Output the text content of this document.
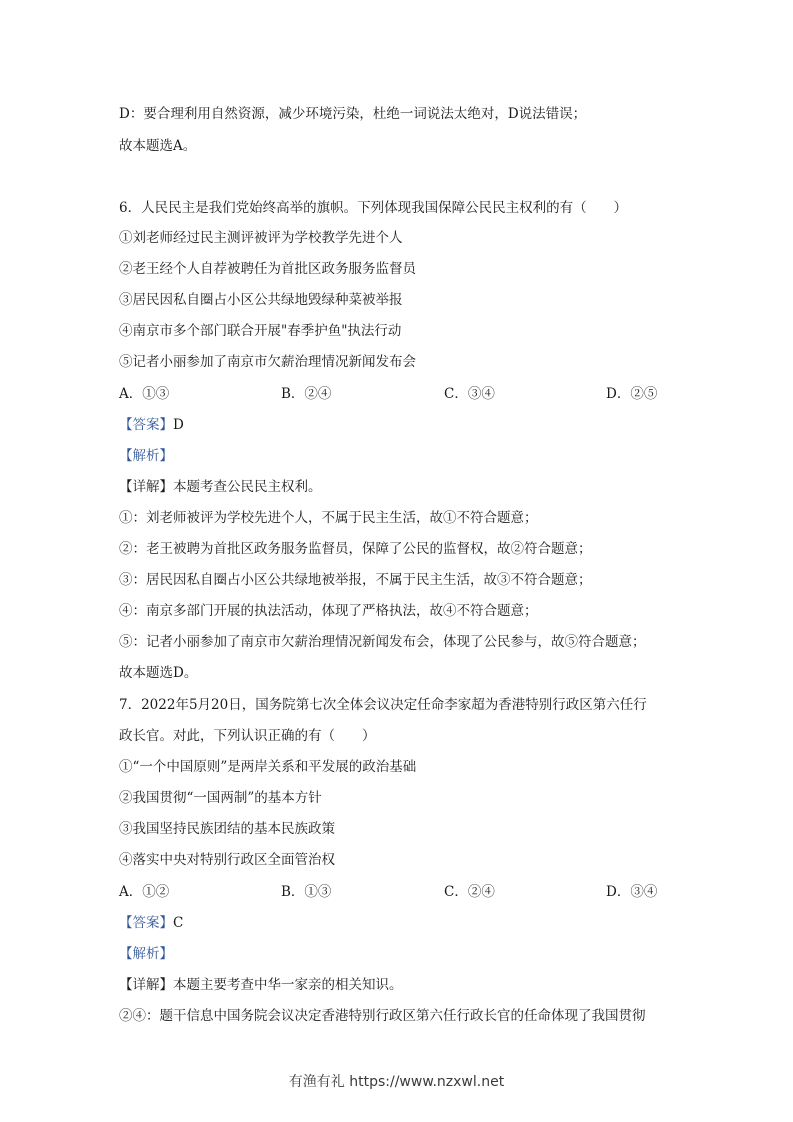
D：要合理利用自然资源，减少环境污染，杜绝一词说法太绝对，D说法错误；
故本题选A。
6．人民民主是我们党始终高举的旗帜。下列体现我国保障公民民主权利的有（　　）
①刘老师经过民主测评被评为学校教学先进个人
②老王经个人自荐被聘任为首批区政务服务监督员
③居民因私自圈占小区公共绿地毁绿种菜被举报
④南京市多个部门联合开展"春季护鱼"执法行动
⑤记者小丽参加了南京市欠薪治理情况新闻发布会
A．①③	B．②④	C．③④	D．②⑤
【答案】D
【解析】
【详解】本题考查公民民主权利。
①：刘老师被评为学校先进个人，不属于民主生活，故①不符合题意；
②：老王被聘为首批区政务服务监督员，保障了公民的监督权，故②符合题意；
③：居民因私自圈占小区公共绿地被举报，不属于民主生活，故③不符合题意；
④：南京多部门开展的执法活动，体现了严格执法，故④不符合题意；
⑤：记者小丽参加了南京市欠薪治理情况新闻发布会，体现了公民参与，故⑤符合题意；
故本题选D。
7．2022年5月20日，国务院第七次全体会议决定任命李家超为香港特别行政区第六任行
政长官。对此，下列认识正确的有（　　）
①“一个中国原则”是两岸关系和平发展的政治基础
②我国贯彻“一国两制”的基本方针
③我国坚持民族团结的基本民族政策
④落实中央对特别行政区全面管治权
A．①②	B．①③	C．②④	D．③④
【答案】C
【解析】
【详解】本题主要考查中华一家亲的相关知识。
②④：题干信息中国务院会议决定香港特别行政区第六任行政长官的任命体现了我国贯彻
有渔有礼 https://www.nzxwl.net
